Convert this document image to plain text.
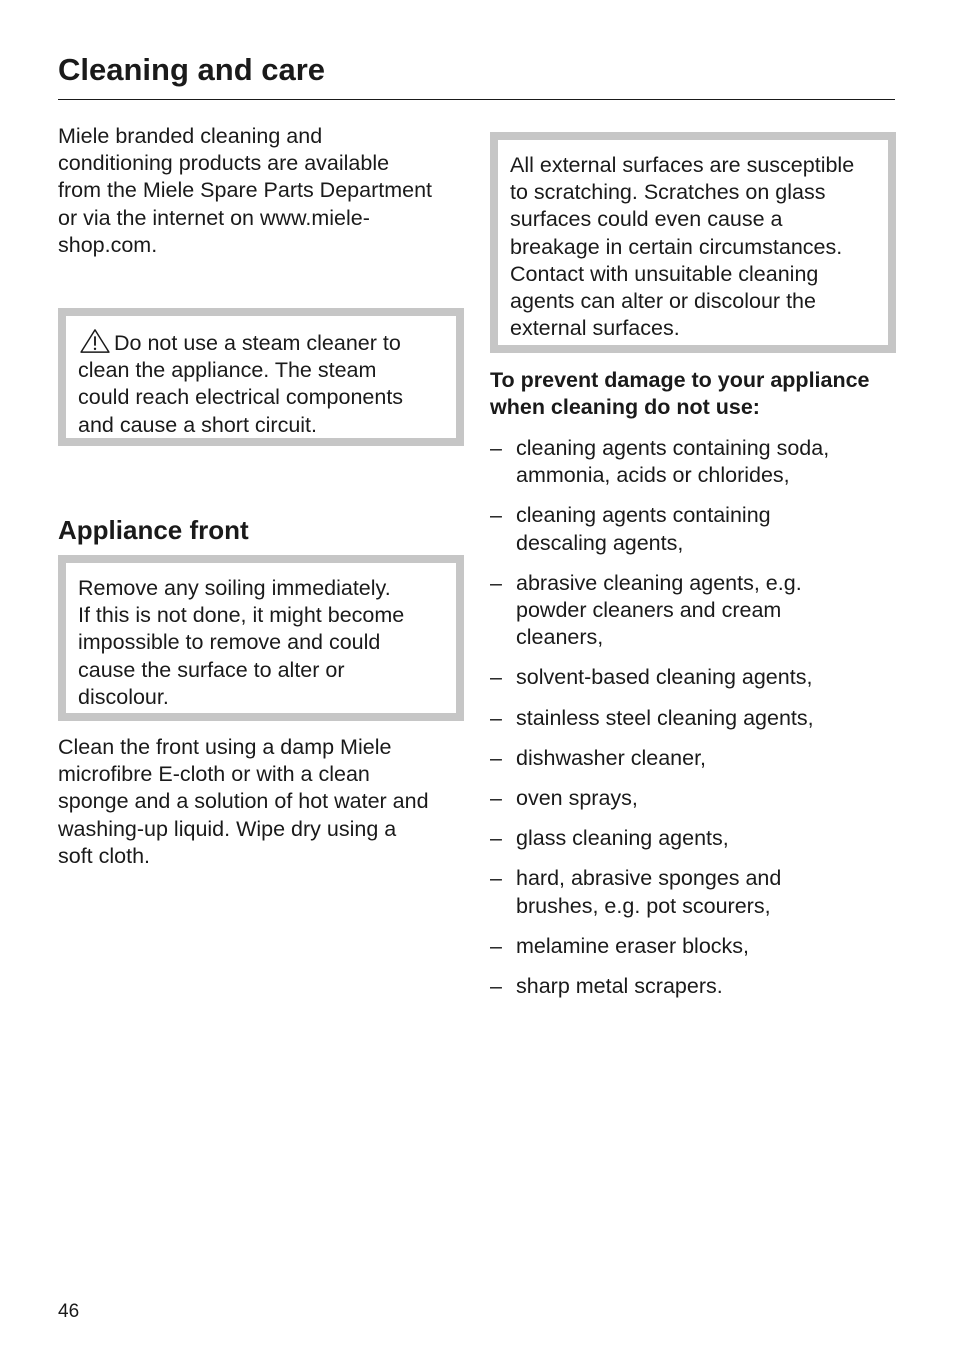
Cleaning and care

Miele branded cleaning and
conditioning products are available
from the Miele Spare Parts Department
or via the internet on www.miele-
shop.com.

Do not use a steam cleaner to
clean the appliance. The steam
could reach electrical components
and cause a short circuit.

Appliance front

Remove any soiling immediately.
If this is not done, it might become
impossible to remove and could
cause the surface to alter or
discolour.

Clean the front using a damp Miele
microfibre E-cloth or with a clean
sponge and a solution of hot water and
washing-up liquid. Wipe dry using a
soft cloth.

All external surfaces are susceptible
to scratching. Scratches on glass
surfaces could even cause a
breakage in certain circumstances.
Contact with unsuitable cleaning
agents can alter or discolour the
external surfaces.

To prevent damage to your appliance
when cleaning do not use:

– cleaning agents containing soda,
ammonia, acids or chlorides,
– cleaning agents containing
descaling agents,
– abrasive cleaning agents, e.g.
powder cleaners and cream
cleaners,
– solvent-based cleaning agents,
– stainless steel cleaning agents,
– dishwasher cleaner,
– oven sprays,
– glass cleaning agents,
– hard, abrasive sponges and
brushes, e.g. pot scourers,
– melamine eraser blocks,
– sharp metal scrapers.
46
